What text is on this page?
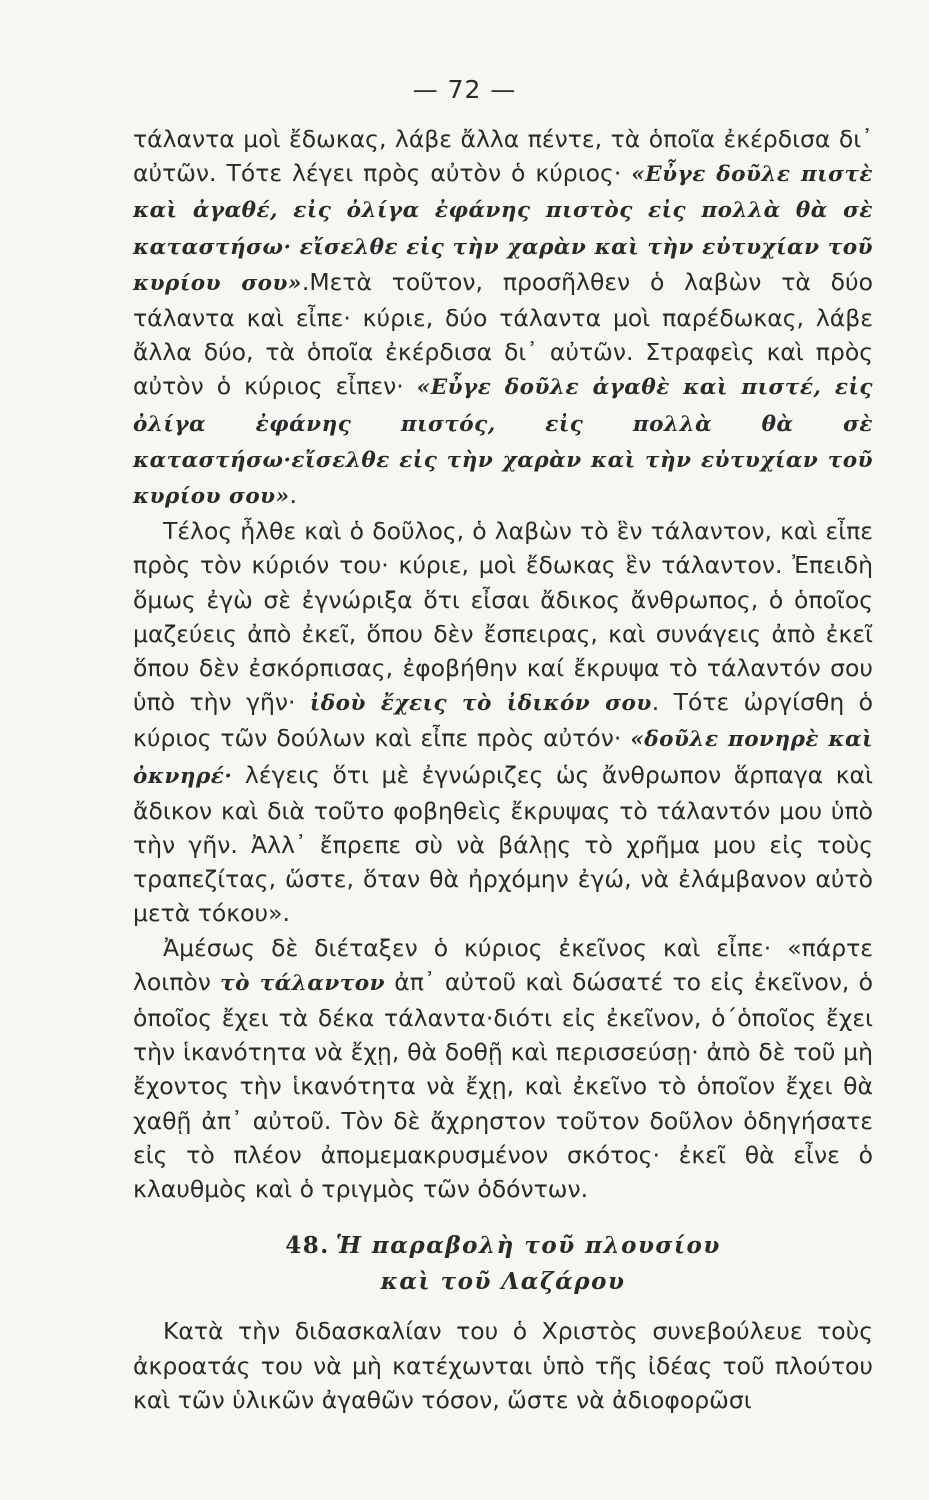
— 72 —

τάλαντα μοὶ ἔδωκας, λάβε ἄλλα πέντε, τὰ ὁποῖα ἐκέρδισα δι᾽ αὐτῶν. Τότε λέγει πρὸς αὐτὸν ὁ κύριος· «Εὖγε δοῦλε πιστὲ καὶ ἀγαθέ, εἰς ὀλίγα ἐφάνης πιστὸς εἰς πολλὰ θὰ σὲ καταστήσω· εἴσελθε εἰς τὴν χαρὰν καὶ τὴν εὐτυχίαν τοῦ κυρίου σου».Μετὰ τοῦτον, προσῆλθεν ὁ λαβὼν τὰ δύο τάλαντα καὶ εἶπε· κύριε, δύο τάλαντα μοὶ παρέδωκας, λάβε ἄλλα δύο, τὰ ὁποῖα ἐκέρδισα δι᾽ αὐτῶν. Στραφεὶς καὶ πρὸς αὐτὸν ὁ κύριος εἶπεν· «Εὖγε δοῦλε ἀγαθὲ καὶ πιστέ, εἰς ὀλίγα ἐφάνης πιστός, εἰς πολλὰ θὰ σὲ καταστήσω·εἴσελθε εἰς τὴν χαρὰν καὶ τὴν εὐτυχίαν τοῦ κυρίου σου».

Τέλος ἦλθε καὶ ὁ δοῦλος, ὁ λαβὼν τὸ ἓν τάλαντον, καὶ εἶπε πρὸς τὸν κύριόν του· κύριε, μοὶ ἔδωκας ἓν τάλαντον. Ἐπειδὴ ὅμως ἐγὼ σὲ ἐγνώριξα ὅτι εἶσαι ἄδικος ἄνθρωπος, ὁ ὁποῖος μαζεύεις ἀπὸ ἐκεῖ, ὅπου δὲν ἔσπειρας, καὶ συνάγεις ἀπὸ ἐκεῖ ὅπου δὲν ἐσκόρπισας, ἐφοβήθην καί ἔκρυψα τὸ τάλαντόν σου ὑπὸ τὴν γῆν· ἰδοὺ ἔχεις τὸ ἰδικόν σου. Τότε ὠργίσθη ὁ κύριος τῶν δούλων καὶ εἶπε πρὸς αὐτόν· «δοῦλε πονηρὲ καὶ ὀκνηρέ· λέγεις ὅτι μὲ ἐγνώριζες ὡς ἄνθρωπον ἅρπαγα καὶ ἄδικον καὶ διὰ τοῦτο φοβηθεὶς ἔκρυψας τὸ τάλαντόν μου ὑπὸ τὴν γῆν. Ἀλλ᾽ ἔπρεπε σὺ νὰ βάλῃς τὸ χρῆμα μου εἰς τοὺς τραπεζίτας, ὥστε, ὅταν θὰ ἠρχόμην ἐγώ, νὰ ἐλάμβανον αὐτὸ μετὰ τόκου».

Ἀμέσως δὲ διέταξεν ὁ κύριος ἐκεῖνος καὶ εἶπε· «πάρτε λοιπὸν τὸ τάλαντον ἀπ᾽ αὐτοῦ καὶ δώσατέ το εἰς ἐκεῖνον, ὁ ὁποῖος ἔχει τὰ δέκα τάλαντα·διότι εἰς ἐκεῖνον, ὁ΄ὁποῖος ἔχει τὴν ἱκανότητα νὰ ἔχῃ, θὰ δοθῇ καὶ περισσεύσῃ· ἀπὸ δὲ τοῦ μὴ ἔχοντος τὴν ἱκανότητα νὰ ἔχῃ, καὶ ἐκεῖνο τὸ ὁποῖον ἔχει θὰ χαθῇ ἀπ᾽ αὐτοῦ. Τὸν δὲ ἄχρηστον τοῦτον δοῦλον ὁδηγήσατε εἰς τὸ πλέον ἀπομεμακρυσμένον σκότος· ἐκεῖ θὰ εἶνε ὁ κλαυθμὸς καὶ ὁ τριγμὸς τῶν ὀδόντων.

48. Ἡ παραβολὴ τοῦ πλουσίου
καὶ τοῦ Λαζάρου

Κατὰ τὴν διδασκαλίαν του ὁ Χριστὸς συνεβούλευε τοὺς ἀκροατάς του νὰ μὴ κατέχωνται ὑπὸ τῆς ἰδέας τοῦ πλούτου καὶ τῶν ὑλικῶν ἀγαθῶν τόσον, ὥστε νὰ ἀδιοφορῶσι
